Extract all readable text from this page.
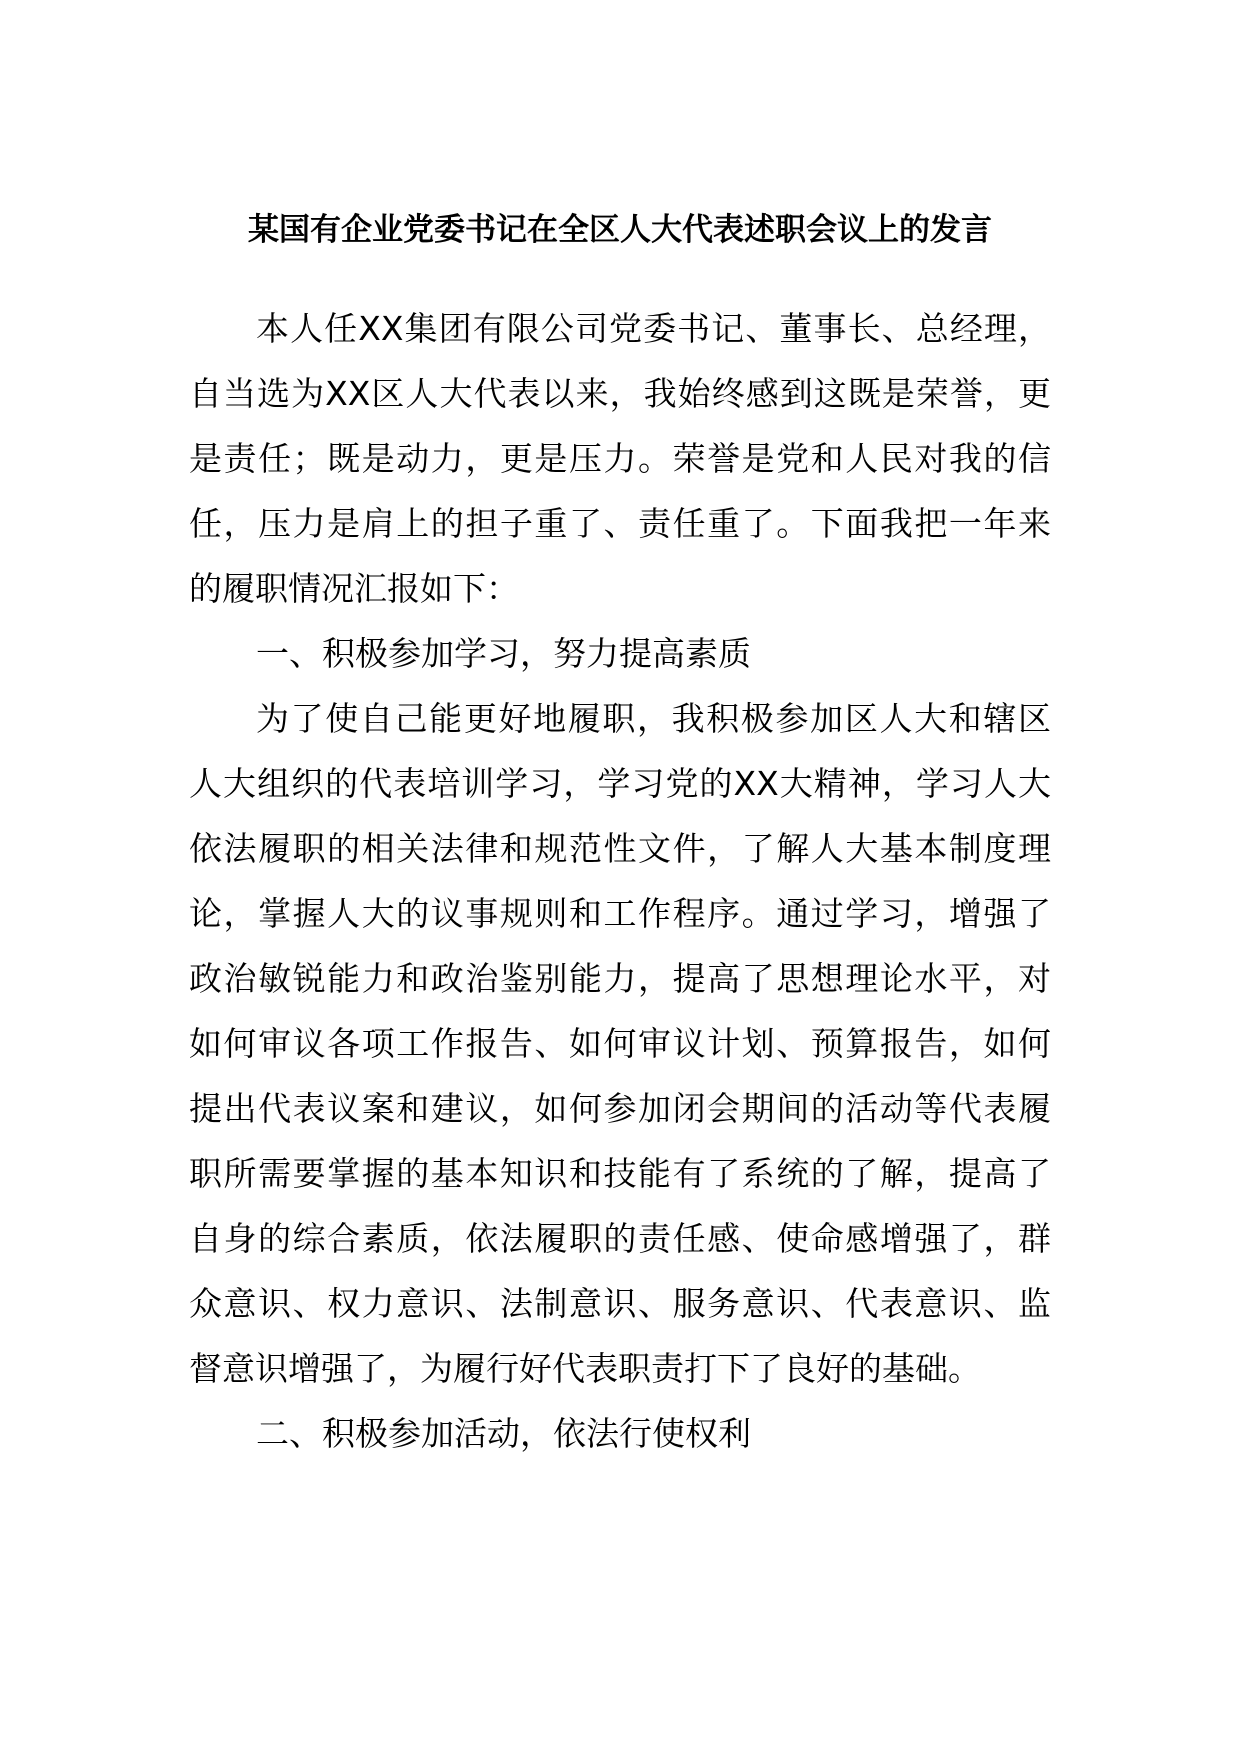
某国有企业党委书记在全区人大代表述职会议上的发言
本人任XX集团有限公司党委书记、董事长、总经理，
自当选为XX区人大代表以来，我始终感到这既是荣誉，更
是责任；既是动力，更是压力。荣誉是党和人民对我的信
任，压力是肩上的担子重了、责任重了。下面我把一年来
的履职情况汇报如下：
一、积极参加学习，努力提高素质
为了使自己能更好地履职，我积极参加区人大和辖区
人大组织的代表培训学习，学习党的XX大精神，学习人大
依法履职的相关法律和规范性文件，了解人大基本制度理
论，掌握人大的议事规则和工作程序。通过学习，增强了
政治敏锐能力和政治鉴别能力，提高了思想理论水平，对
如何审议各项工作报告、如何审议计划、预算报告，如何
提出代表议案和建议，如何参加闭会期间的活动等代表履
职所需要掌握的基本知识和技能有了系统的了解，提高了
自身的综合素质，依法履职的责任感、使命感增强了，群
众意识、权力意识、法制意识、服务意识、代表意识、监
督意识增强了，为履行好代表职责打下了良好的基础。
二、积极参加活动，依法行使权利
